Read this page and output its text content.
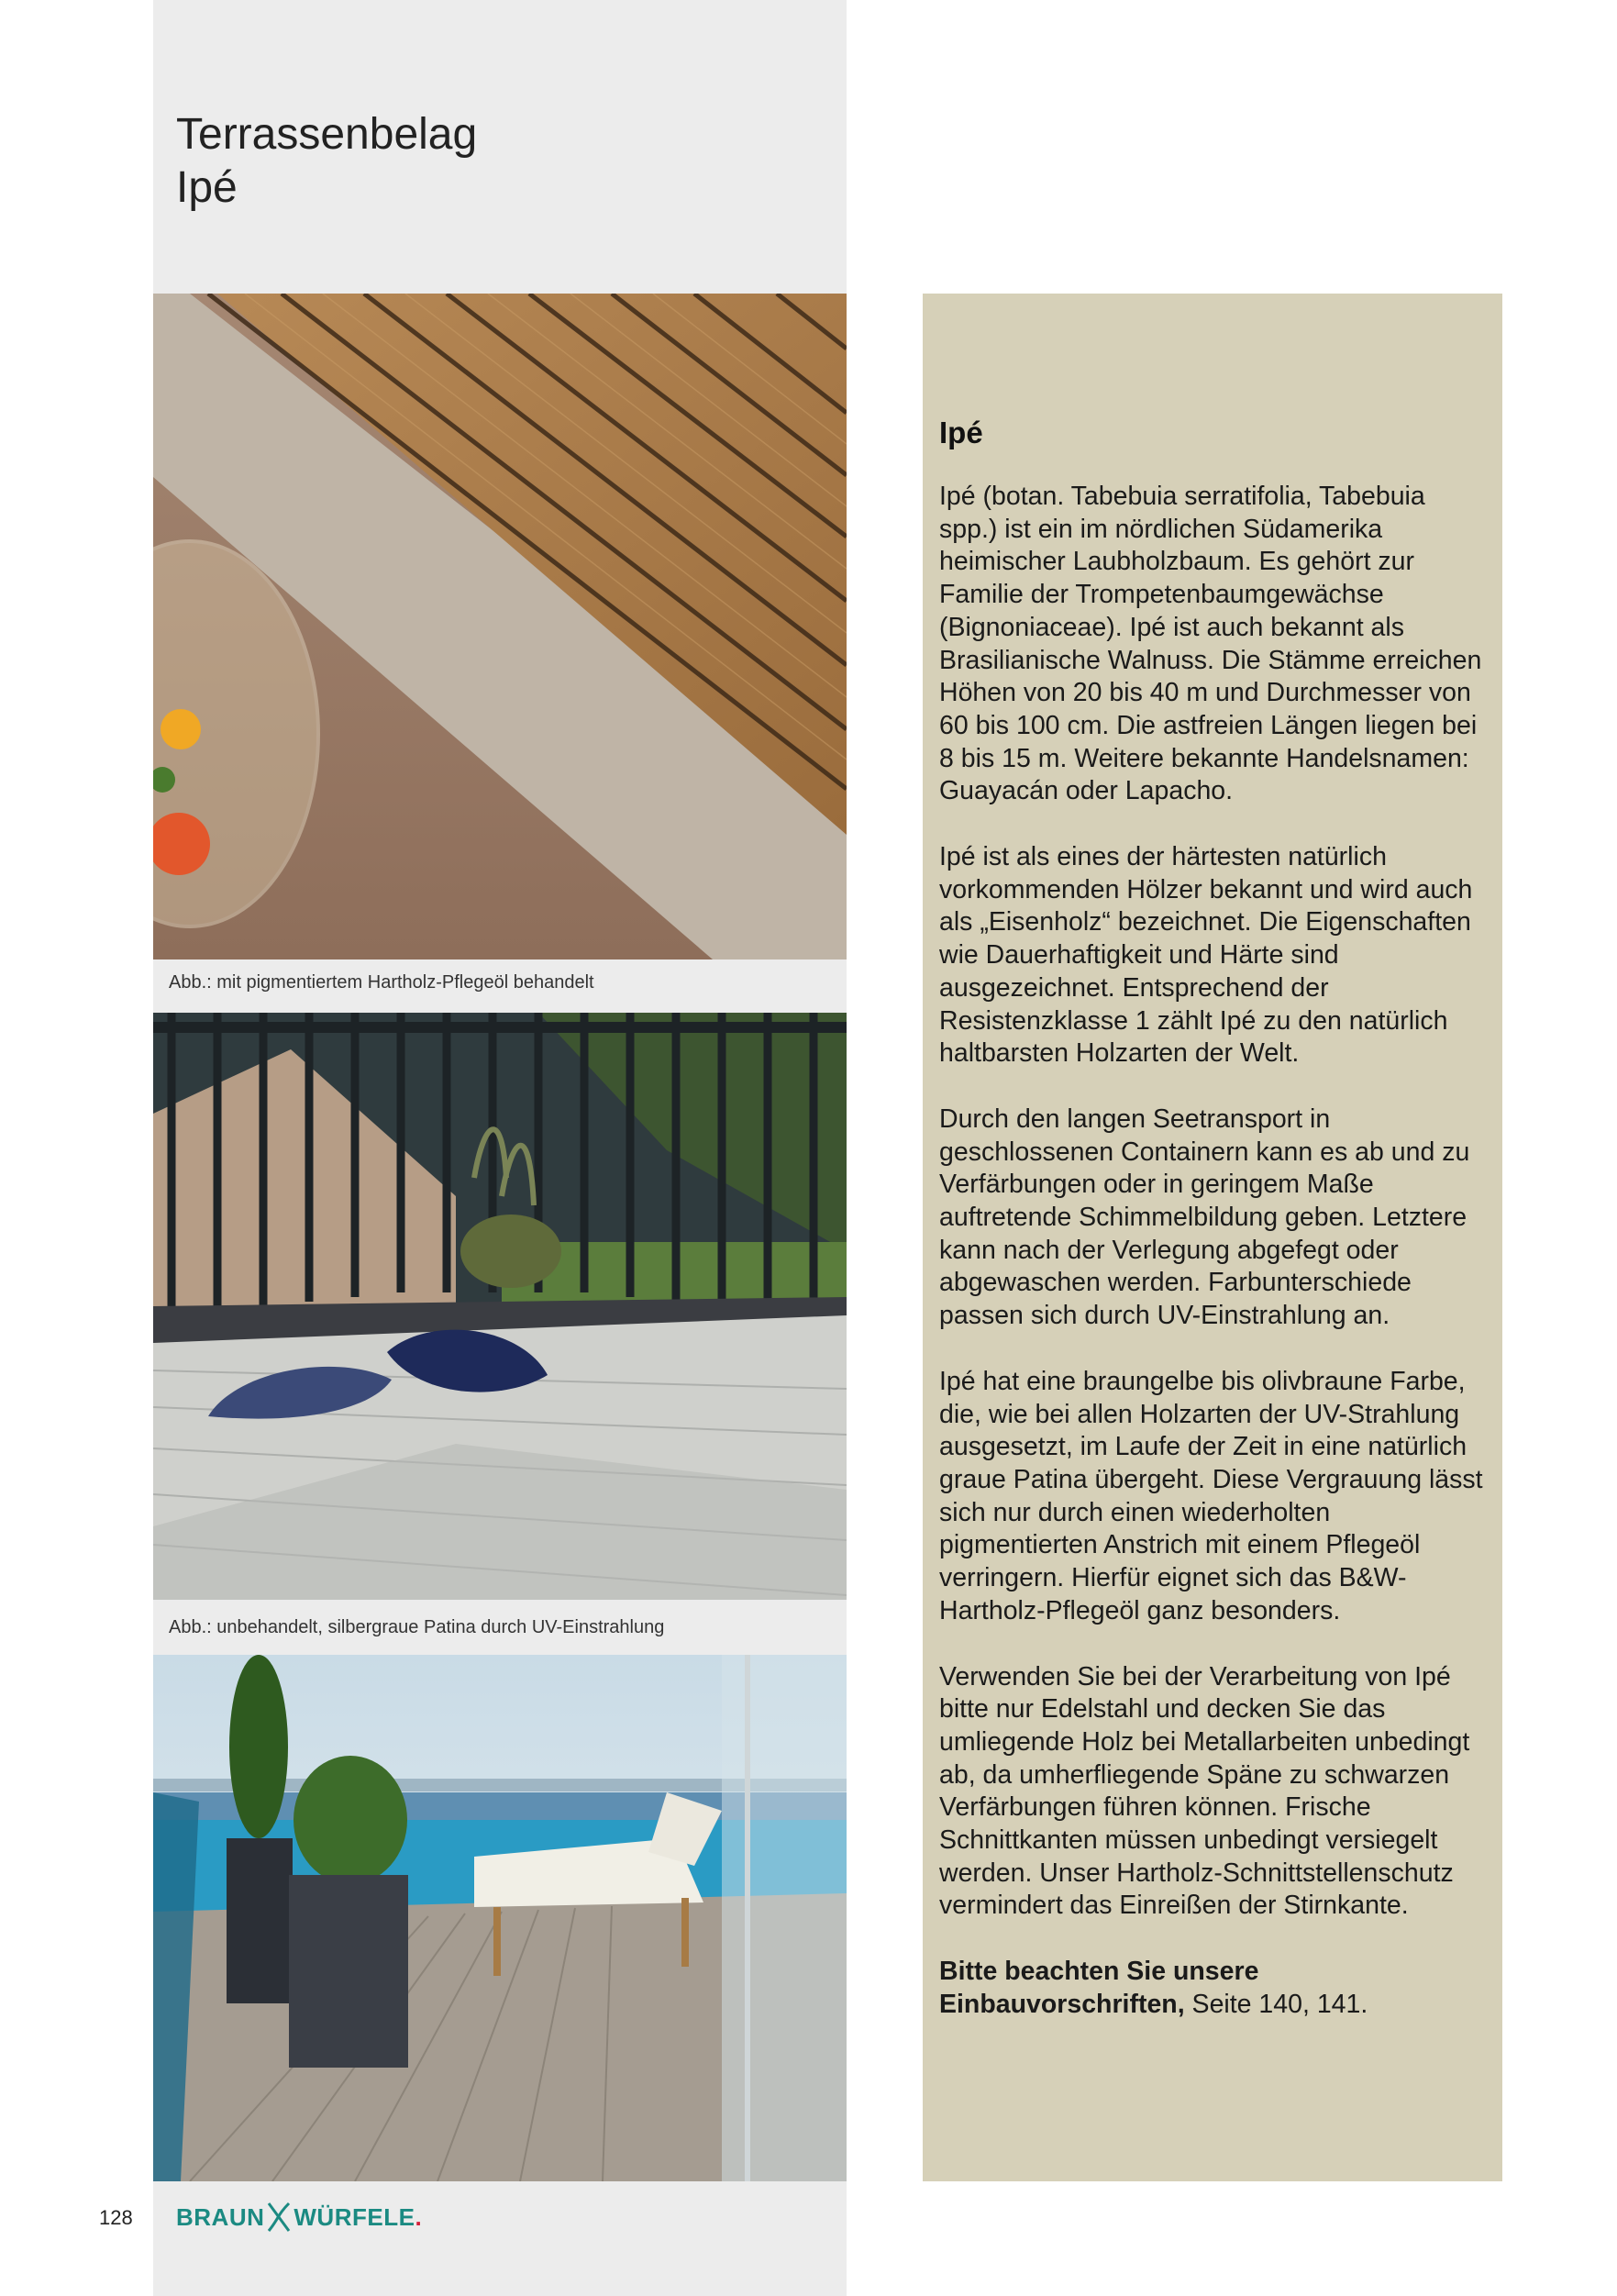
Terrassenbelag
Ipé

Abb.: mit pigmentiertem Hartholz-Pflegeöl behandelt

Abb.: unbehandelt, silbergraue Patina durch UV-Einstrahlung

Ipé

Ipé (botan. Tabebuia serratifolia, Tabebuia spp.) ist ein im nördlichen Südamerika heimischer Laubholzbaum. Es gehört zur Familie der Trompetenbaumgewächse (Bignoniaceae). Ipé ist auch bekannt als Brasilianische Walnuss. Die Stämme erreichen Höhen von 20 bis 40 m und Durchmesser von 60 bis 100 cm. Die astfreien Längen liegen bei 8 bis 15 m. Weitere bekannte Handelsnamen: Guayacán oder Lapacho.

Ipé ist als eines der härtesten natürlich vorkommenden Hölzer bekannt und wird auch als „Eisenholz“ bezeichnet. Die Eigenschaften wie Dauerhaftigkeit und Härte sind ausgezeichnet. Entsprechend der Resistenzklasse 1 zählt Ipé zu den natürlich haltbarsten Holzarten der Welt.

Durch den langen Seetransport in geschlossenen Containern kann es ab und zu Verfärbungen oder in geringem Maße auftretende Schimmelbildung geben. Letztere kann nach der Verlegung abgefegt oder abgewaschen werden. Farbunterschiede passen sich durch UV-Einstrahlung an.

Ipé hat eine braungelbe bis olivbraune Farbe, die, wie bei allen Holzarten der UV-Strahlung ausgesetzt, im Laufe der Zeit in eine natürlich graue Patina übergeht. Diese Vergrauung lässt sich nur durch einen wiederholten pigmentierten Anstrich mit einem Pflegeöl verringern. Hierfür eignet sich das B&W-Hartholz-Pflegeöl ganz besonders.

Verwenden Sie bei der Verarbeitung von Ipé bitte nur Edelstahl und decken Sie das umliegende Holz bei Metallarbeiten unbedingt ab, da umherfliegende Späne zu schwarzen Verfärbungen führen können. Frische Schnittkanten müssen unbedingt versiegelt werden. Unser Hartholz-Schnittstellenschutz vermindert das Einreißen der Stirnkante.

Bitte beachten Sie unsere Einbauvorschriften, Seite 140, 141.

128 BRAUN WÜRFELE .
